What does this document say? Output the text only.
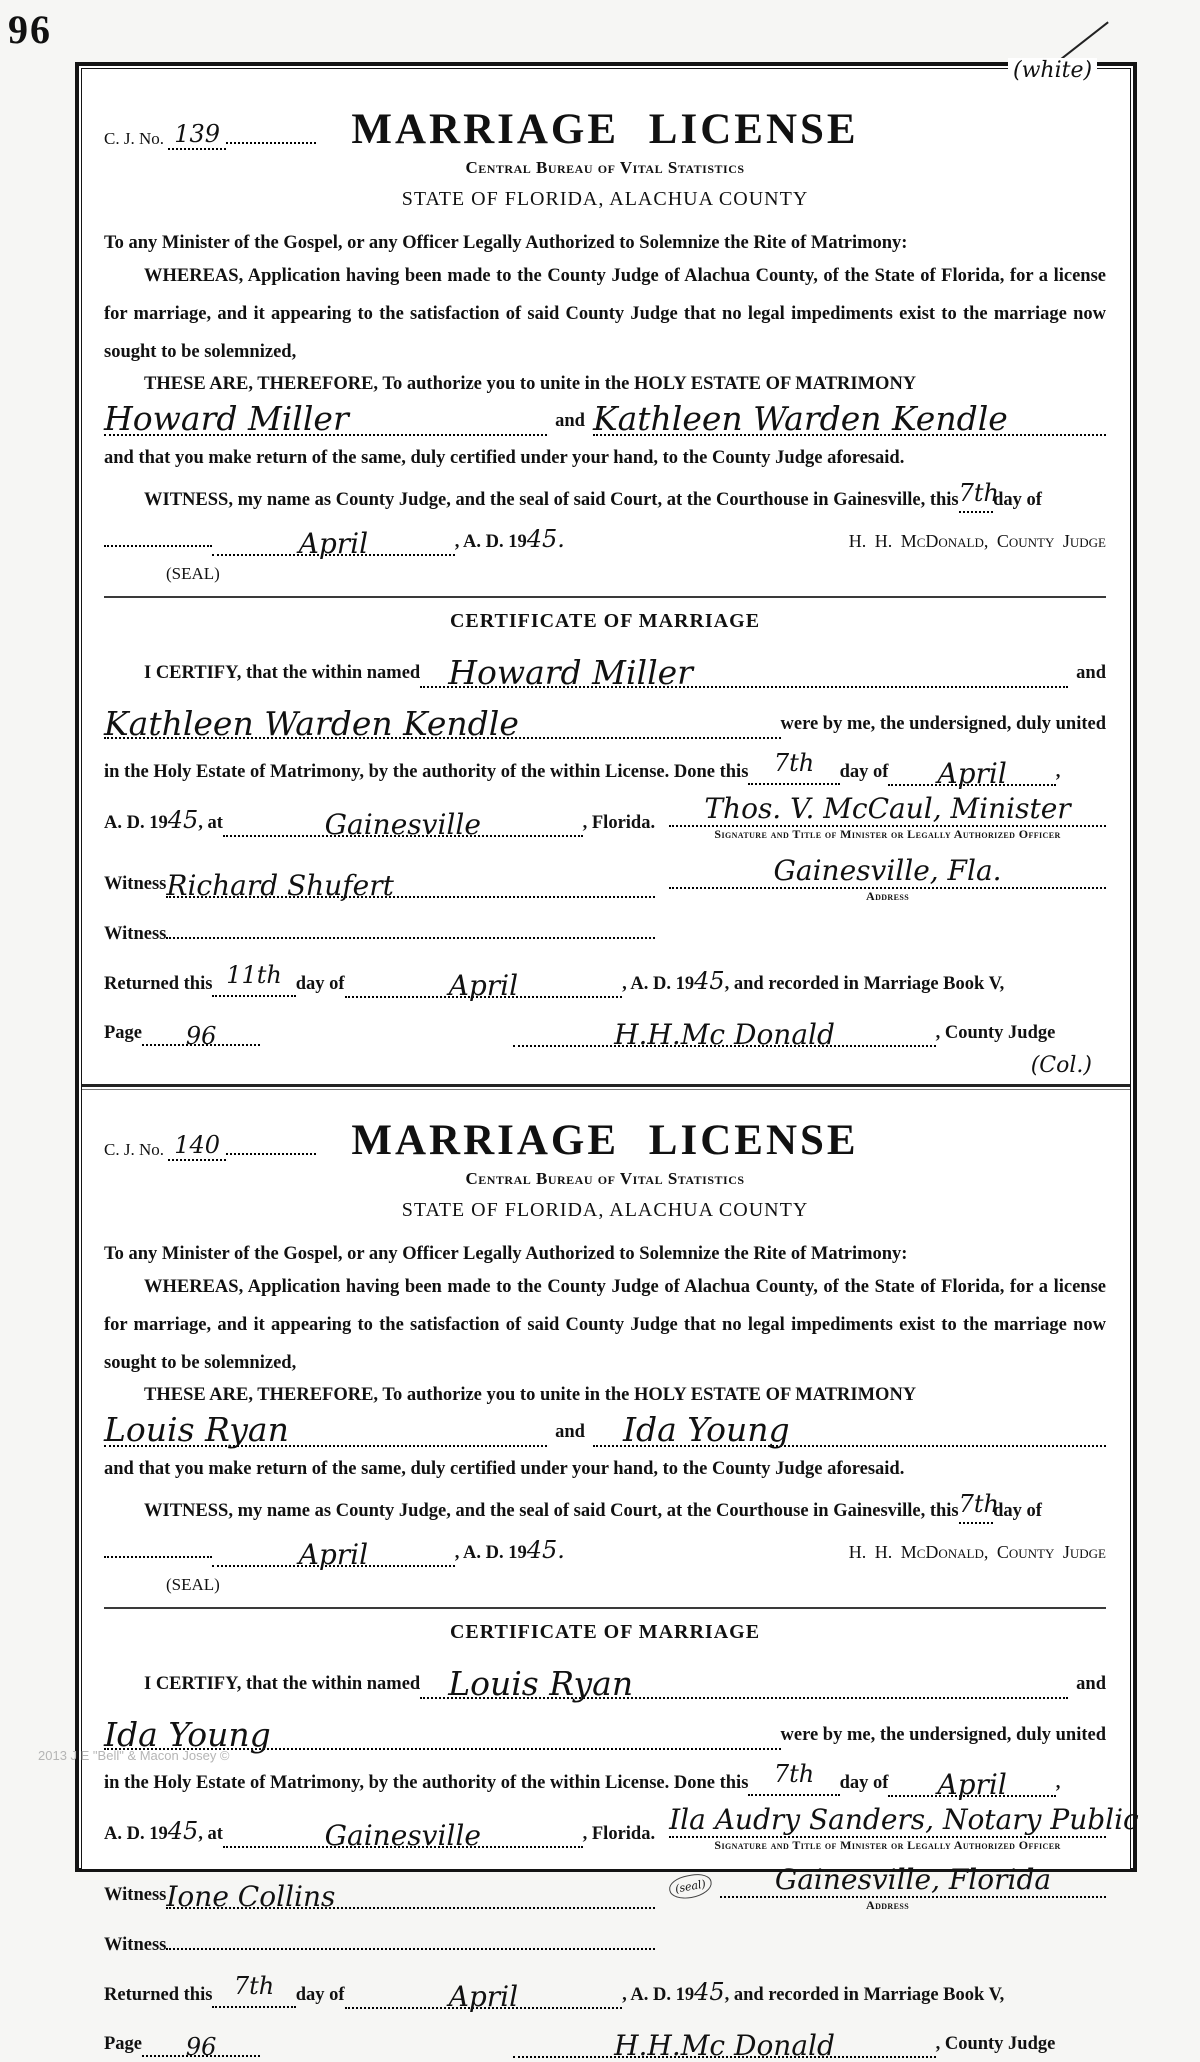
96
(white)
2013 J E "Bell" & Macon Josey ©
C. J. No. 139	MARRIAGE LICENSE
Central Bureau of Vital Statistics
STATE OF FLORIDA, ALACHUA COUNTY

To any Minister of the Gospel, or any Officer Legally Authorized to Solemnize the Rite of Matrimony:

WHEREAS, Application having been made to the County Judge of Alachua County, of the State of Florida, for a license for marriage, and it appearing to the satisfaction of said County Judge that no legal impediments exist to the marriage now sought to be solemnized,

THESE ARE, THEREFORE, To authorize you to unite in the HOLY ESTATE OF MATRIMONY

Howard Miller	and Kathleen Warden Kendle

and that you make return of the same, duly certified under your hand, to the County Judge aforesaid.

WITNESS, my name as County Judge, and the seal of said Court, at the Courthouse in Gainesville, this 7th
day of
April	, A. D. 19 45.	H. H. McDonald, County Judge
(SEAL)
CERTIFICATE OF MARRIAGE
I CERTIFY, that the within named Howard Miller	and
Kathleen Warden Kendle	were by me, the undersigned, duly united
in the Holy Estate of Matrimony, by the authority of the within License. Done this	7th	day of	April	,
A. D. 19 45 , at	Gainesville	, Florida.
Witness Richard Shufert
Witness
Thos. V. McCaul, Minister
Signature and Title of Minister or Legally Authorized Officer
Gainesville, Fla.
Address
Returned this 11th day of	April	, A. D. 19 45 , and recorded in Marriage Book V,
Page	96	H.H.Mc Donald	, County Judge
(Col.)
C. J. No. 140	MARRIAGE LICENSE
Central Bureau of Vital Statistics
STATE OF FLORIDA, ALACHUA COUNTY

To any Minister of the Gospel, or any Officer Legally Authorized to Solemnize the Rite of Matrimony:

WHEREAS, Application having been made to the County Judge of Alachua County, of the State of Florida, for a license for marriage, and it appearing to the satisfaction of said County Judge that no legal impediments exist to the marriage now sought to be solemnized,

THESE ARE, THEREFORE, To authorize you to unite in the HOLY ESTATE OF MATRIMONY

Louis Ryan	and	Ida Young

and that you make return of the same, duly certified under your hand, to the County Judge aforesaid.

WITNESS, my name as County Judge, and the seal of said Court, at the Courthouse in Gainesville, this 7th
day of
April	, A. D. 19 45.	H. H. McDonald, County Judge
(SEAL)
CERTIFICATE OF MARRIAGE
I CERTIFY, that the within named Louis Ryan	and
Ida Young	were by me, the undersigned, duly united
in the Holy Estate of Matrimony, by the authority of the within License. Done this	7th	day of	April	,
A. D. 19 45 , at	Gainesville	, Florida.
Witness Ione Collins
Witness
Ila Audry Sanders, Notary Public
Signature and Title of Minister or Legally Authorized Officer
(seal)	Gainesville, Florida
Address
Returned this 7th	day of	April	, A. D. 19 45 , and recorded in Marriage Book V,
Page	96	H.H.Mc Donald	, County Judge
